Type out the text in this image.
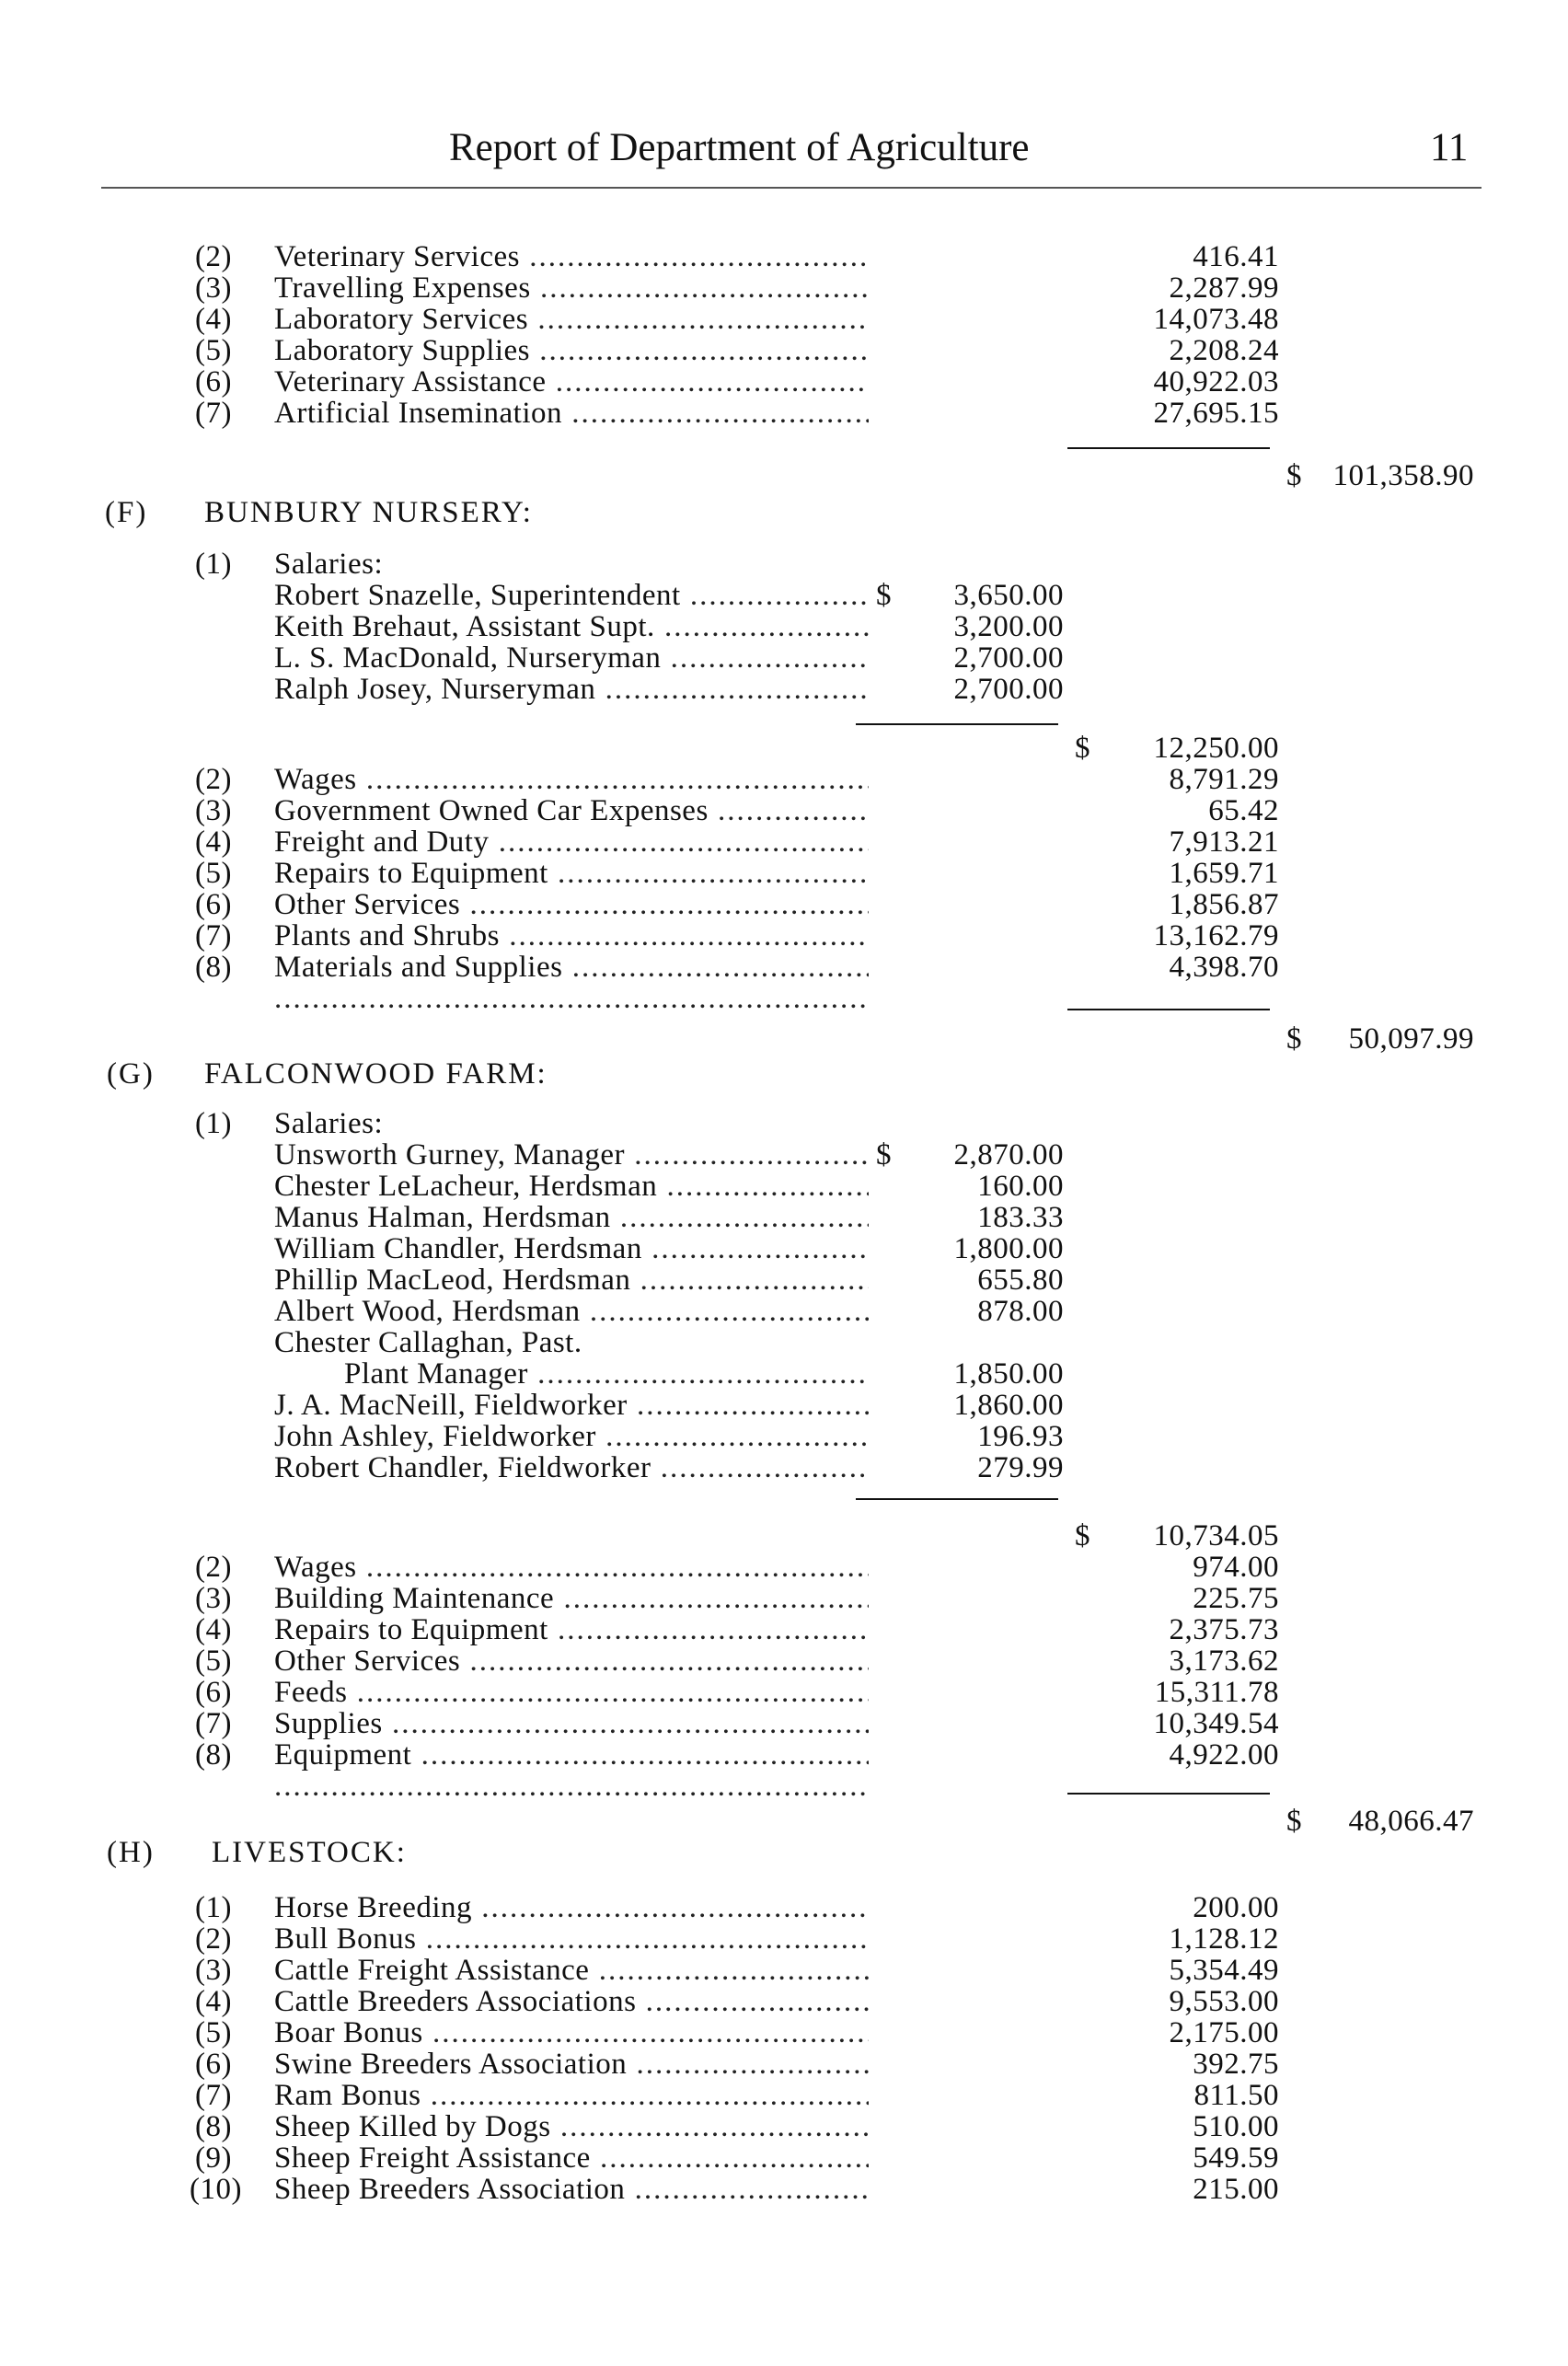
Report of Department of Agriculture	11
(2) Veterinary Services .....	416.41
(3) Travelling Expenses .....	2,287.99
(4) Laboratory Services .....	14,073.48
(5) Laboratory Supplies .....	2,208.24
(6) Veterinary Assistance .....	40,922.03
(7) Artificial Insemination .....	27,695.15
$	101,358.90
(F) BUNBURY NURSERY:
(1) Salaries:
Robert Snazelle, Superintendent .....	$	3,650.00
Keith Brehaut, Assistant Supt. .....	3,200.00
L. S. MacDonald, Nurseryman .....	2,700.00
Ralph Josey, Nurseryman .....	2,700.00
$	12,250.00
(2) Wages .....	8,791.29
(3) Government Owned Car Expenses .....	65.42
(4) Freight and Duty .....	7,913.21
(5) Repairs to Equipment .....	1,659.71
(6) Other Services .....	1,856.87
(7) Plants and Shrubs .....	13,162.79
(8) Materials and Supplies .....	4,398.70
.....
$	50,097.99
(G) FALCONWOOD FARM:
(1) Salaries:
Unsworth Gurney, Manager .....	$	2,870.00
Chester LeLacheur, Herdsman .....	160.00
Manus Halman, Herdsman .....	183.33
William Chandler, Herdsman .....	1,800.00
Phillip MacLeod, Herdsman .....	655.80
Albert Wood, Herdsman .....	878.00
Chester Callaghan, Past.
Plant Manager .....	1,850.00
J. A. MacNeill, Fieldworker .....	1,860.00
John Ashley, Fieldworker .....	196.93
Robert Chandler, Fieldworker .....	279.99
$	10,734.05
(2) Wages .....	974.00
(3) Building Maintenance .....	225.75
(4) Repairs to Equipment .....	2,375.73
(5) Other Services .....	3,173.62
(6) Feeds .....	15,311.78
(7) Supplies .....	10,349.54
(8) Equipment .....	4,922.00
.....
$	48,066.47
(H) LIVESTOCK:
(1) Horse Breeding .....	200.00
(2) Bull Bonus .....	1,128.12
(3) Cattle Freight Assistance .....	5,354.49
(4) Cattle Breeders Associations .....	9,553.00
(5) Boar Bonus .....	2,175.00
(6) Swine Breeders Association .....	392.75
(7) Ram Bonus .....	811.50
(8) Sheep Killed by Dogs .....	510.00
(9) Sheep Freight Assistance .....	549.59
(10) Sheep Breeders Association .....	215.00
